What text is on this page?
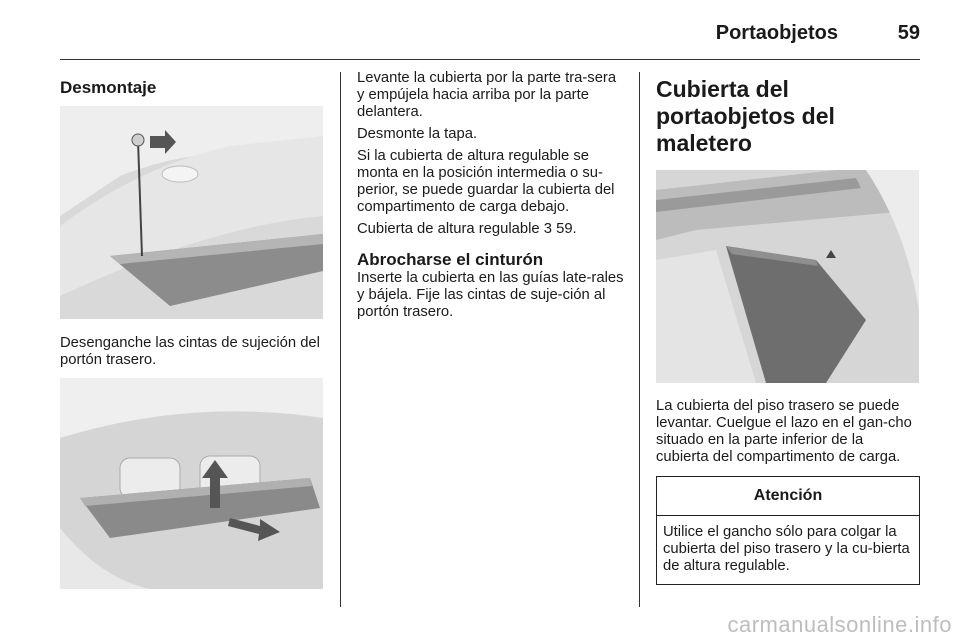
Portaobjetos	59
Desmontaje

Desenganche las cintas de sujeción del portón trasero.

Levante la cubierta por la parte tra-sera y empújela hacia arriba por la parte delantera.

Desmonte la tapa.

Si la cubierta de altura regulable se monta en la posición intermedia o su-perior, se puede guardar la cubierta del compartimento de carga debajo.

Cubierta de altura regulable 3 59.

Abrocharse el cinturón

Inserte la cubierta en las guías late-rales y bájela. Fije las cintas de suje-ción al portón trasero.

Cubierta del portaobjetos del maletero

La cubierta del piso trasero se puede levantar. Cuelgue el lazo en el gan-cho situado en la parte inferior de la cubierta del compartimento de carga.

Atención

Utilice el gancho sólo para colgar la cubierta del piso trasero y la cu-bierta de altura regulable.

carmanualsonline.info
